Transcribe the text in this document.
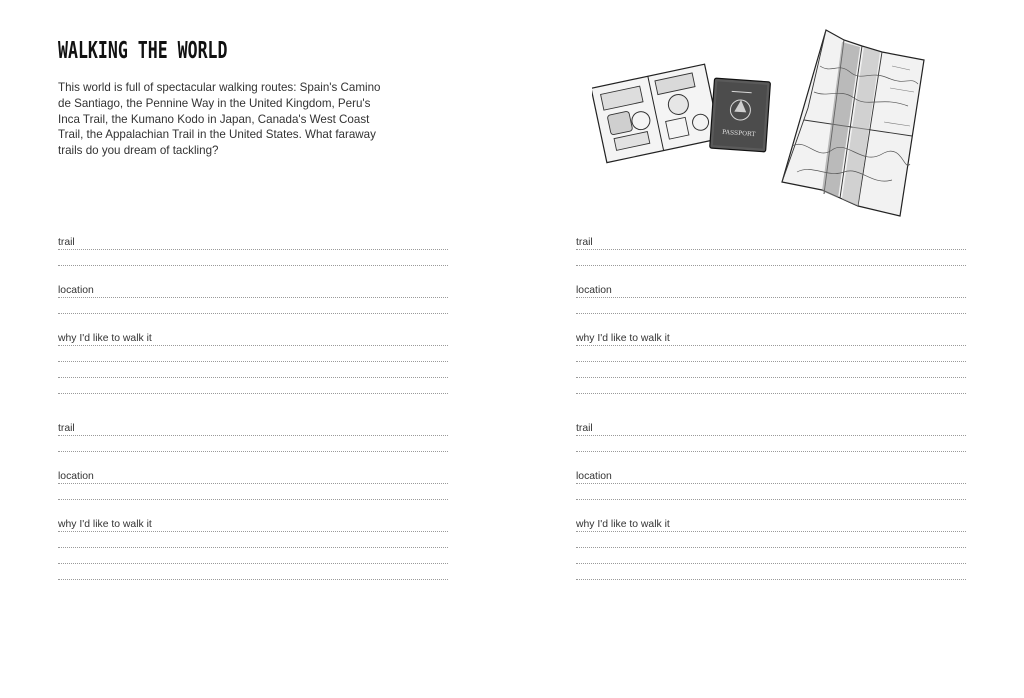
WALKING THE WORLD

This world is full of spectacular walking routes: Spain's Camino de Santiago, the Pennine Way in the United Kingdom, Peru's Inca Trail, the Kumano Kodo in Japan, Canada's West Coast Trail, the Appalachian Trail in the United States. What faraway trails do you dream of tackling?

PASSPORT
trail
location
why I'd like to walk it
trail
location
why I'd like to walk it
trail
location
why I'd like to walk it
trail
location
why I'd like to walk it
